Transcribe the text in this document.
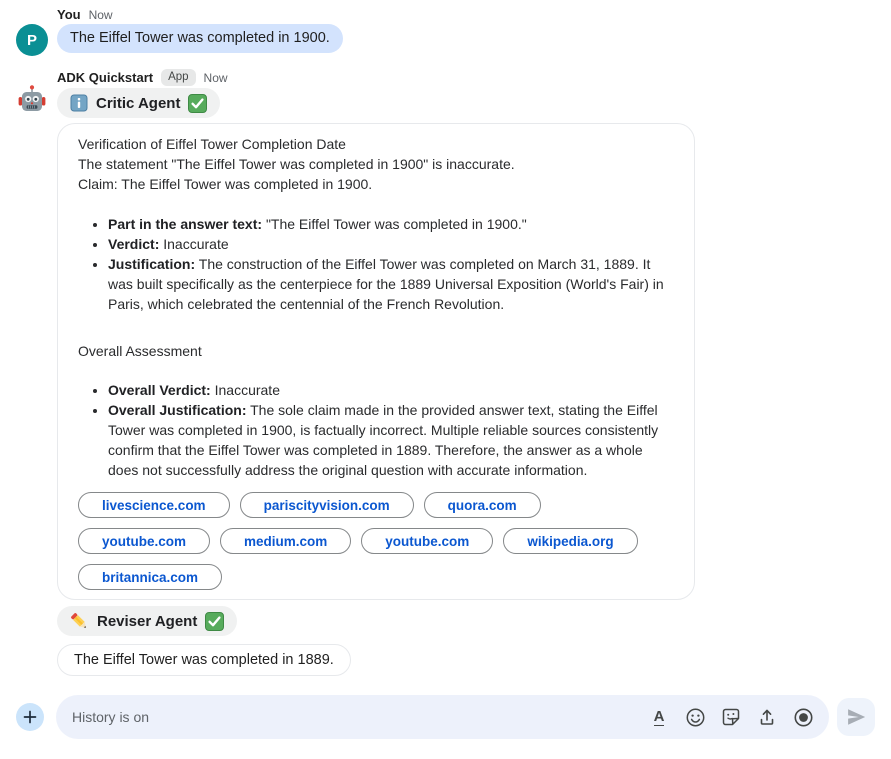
P
You Now
The Eiffel Tower was completed in 1900.
ADK Quickstart	App	Now
Critic Agent

Verification of Eiffel Tower Completion Date

The statement "The Eiffel Tower was completed in 1900" is inaccurate.

Claim: The Eiffel Tower was completed in 1900.

• Part in the answer text: "The Eiffel Tower was completed in 1900."
• Verdict: Inaccurate
• Justification: The construction of the Eiffel Tower was completed on March 31, 1889. It was built specifically as the centerpiece for the 1889 Universal Exposition (World's Fair) in Paris, which celebrated the centennial of the French Revolution.

Overall Assessment

• Overall Verdict: Inaccurate
• Overall Justification: The sole claim made in the provided answer text, stating the Eiffel Tower was completed in 1900, is factually incorrect. Multiple reliable sources consistently confirm that the Eiffel Tower was completed in 1889. Therefore, the answer as a whole does not successfully address the original question with accurate information.
livescience.com	pariscityvision.com	quora.com
youtube.com	medium.com	youtube.com	wikipedia.org
britannica.com
Reviser Agent
The Eiffel Tower was completed in 1889.
History is on
A
